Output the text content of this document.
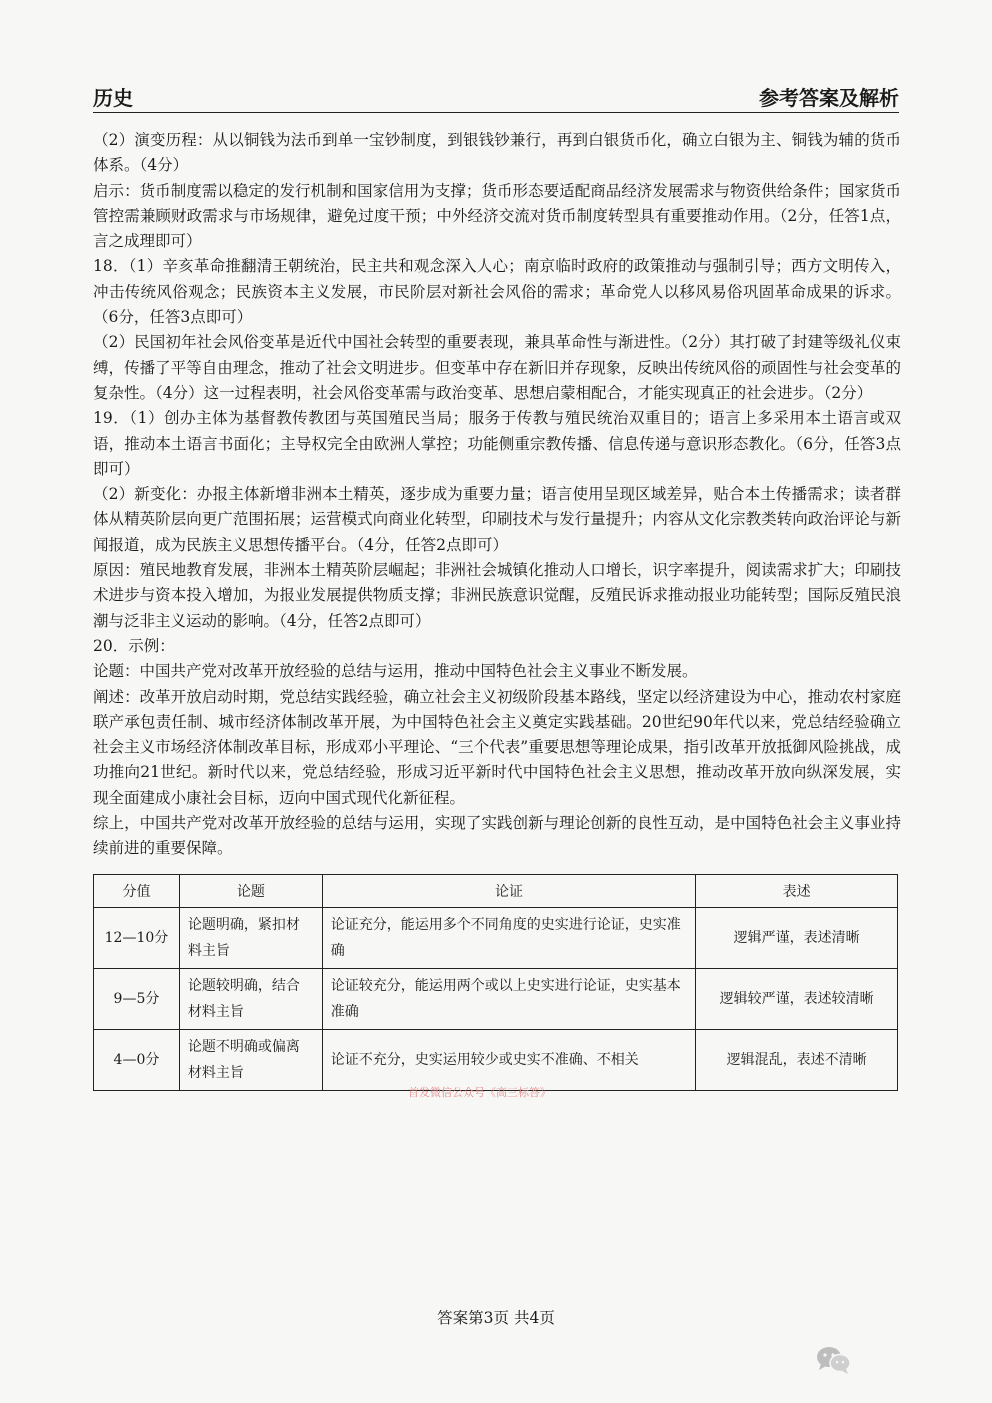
历史	参考答案及解析

（2）演变历程：从以铜钱为法币到单一宝钞制度，到银钱钞兼行，再到白银货币化，确立白银为主、铜钱为辅的货币体系。（4分）

启示：货币制度需以稳定的发行机制和国家信用为支撑；货币形态要适配商品经济发展需求与物资供给条件；国家货币管控需兼顾财政需求与市场规律，避免过度干预；中外经济交流对货币制度转型具有重要推动作用。（2分，任答1点，言之成理即可）

18．（1）辛亥革命推翻清王朝统治，民主共和观念深入人心；南京临时政府的政策推动与强制引导；西方文明传入，冲击传统风俗观念；民族资本主义发展，市民阶层对新社会风俗的需求；革命党人以移风易俗巩固革命成果的诉求。（6分，任答3点即可）

（2）民国初年社会风俗变革是近代中国社会转型的重要表现，兼具革命性与渐进性。（2分）其打破了封建等级礼仪束缚，传播了平等自由理念，推动了社会文明进步。但变革中存在新旧并存现象，反映出传统风俗的顽固性与社会变革的复杂性。（4分）这一过程表明，社会风俗变革需与政治变革、思想启蒙相配合，才能实现真正的社会进步。（2分）

19．（1）创办主体为基督教传教团与英国殖民当局；服务于传教与殖民统治双重目的；语言上多采用本土语言或双语，推动本土语言书面化；主导权完全由欧洲人掌控；功能侧重宗教传播、信息传递与意识形态教化。（6分，任答3点即可）

（2）新变化：办报主体新增非洲本土精英，逐步成为重要力量；语言使用呈现区域差异，贴合本土传播需求；读者群体从精英阶层向更广范围拓展；运营模式向商业化转型，印刷技术与发行量提升；内容从文化宗教类转向政治评论与新闻报道，成为民族主义思想传播平台。（4分，任答2点即可）

原因：殖民地教育发展，非洲本土精英阶层崛起；非洲社会城镇化推动人口增长，识字率提升，阅读需求扩大；印刷技术进步与资本投入增加，为报业发展提供物质支撑；非洲民族意识觉醒，反殖民诉求推动报业功能转型；国际反殖民浪潮与泛非主义运动的影响。（4分，任答2点即可）

20．示例：

论题：中国共产党对改革开放经验的总结与运用，推动中国特色社会主义事业不断发展。

阐述：改革开放启动时期，党总结实践经验，确立社会主义初级阶段基本路线，坚定以经济建设为中心，推动农村家庭联产承包责任制、城市经济体制改革开展，为中国特色社会主义奠定实践基础。20世纪90年代以来，党总结经验确立社会主义市场经济体制改革目标，形成邓小平理论、“三个代表”重要思想等理论成果，指引改革开放抵御风险挑战，成功推向21世纪。新时代以来，党总结经验，形成习近平新时代中国特色社会主义思想，推动改革开放向纵深发展，实现全面建成小康社会目标，迈向中国式现代化新征程。

综上，中国共产党对改革开放经验的总结与运用，实现了实践创新与理论创新的良性互动，是中国特色社会主义事业持续前进的重要保障。

分值	论题	论证	表述
12—10分	论题明确，紧扣材料主旨	论证充分，能运用多个不同角度的史实进行论证，史实准确	逻辑严谨，表述清晰
9—5分	论题较明确，结合材料主旨	论证较充分，能运用两个或以上史实进行论证，史实基本准确	逻辑较严谨，表述较清晰
4—0分	论题不明确或偏离材料主旨	论证不充分，史实运用较少或史实不准确、不相关	逻辑混乱，表述不清晰
首发微信公众号《高三标答》
答案第3页 共4页
